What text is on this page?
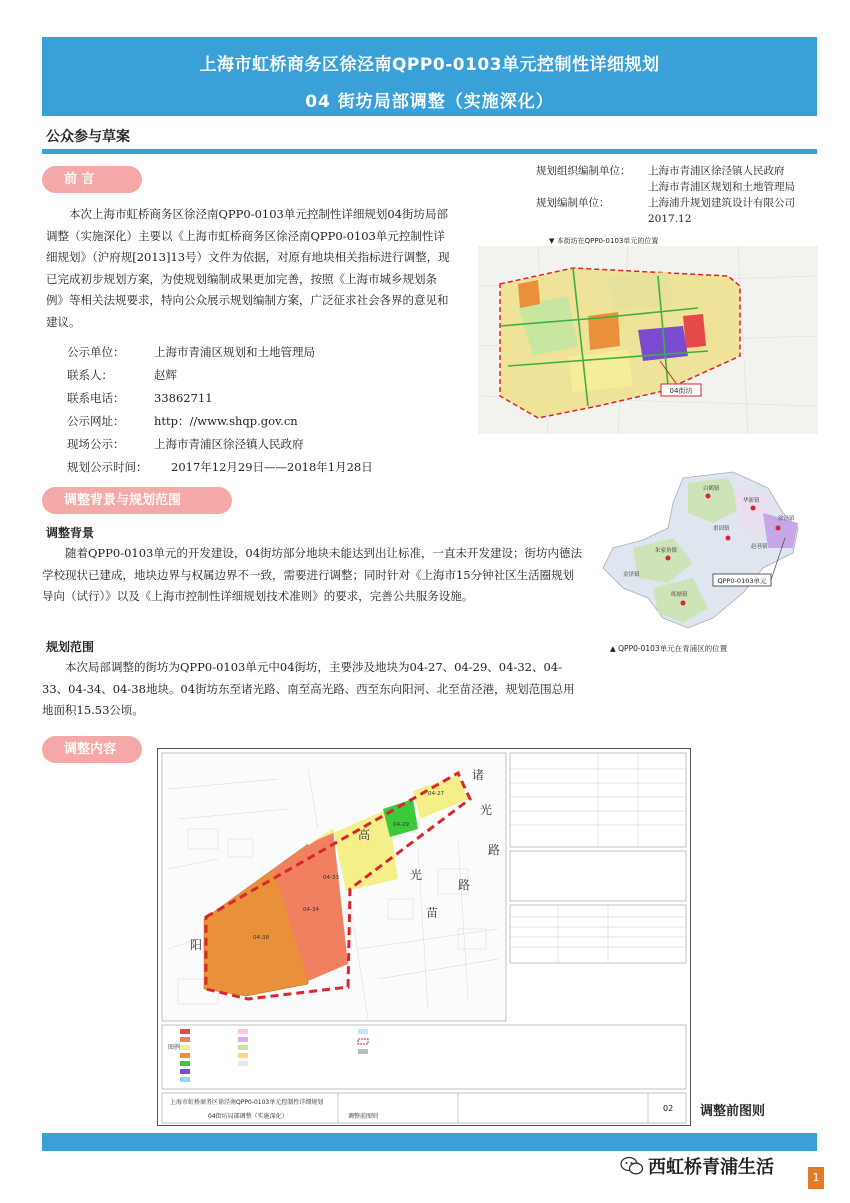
上海市虹桥商务区徐泾南QPP0-0103单元控制性详细规划
04 街坊局部调整（实施深化）
公众参与草案
前 言
规划组织编制单位：	上海市青浦区徐泾镇人民政府
上海市青浦区规划和土地管理局
规划编制单位：	上海浦升规划建筑设计有限公司
2017.12

本次上海市虹桥商务区徐泾南QPP0-0103单元控制性详细规划04街坊局部调整（实施深化）主要以《上海市虹桥商务区徐泾南QPP0-0103单元控制性详细规划》（沪府规[2013]13号）文件为依据，对原有地块相关指标进行调整，现已完成初步规划方案，为使规划编制成果更加完善，按照《上海市城乡规划条例》等相关法规要求，特向公众展示规划编制方案，广泛征求社会各界的意见和建议。

公示单位：	上海市青浦区规划和土地管理局
联系人：	赵辉
联系电话：	33862711
公示网址：	http：//www.shqp.gov.cn
现场公示：	上海市青浦区徐泾镇人民政府
规划公示时间：	2017年12月29日——2018年1月28日
▼ 本街坊在QPP0-0103单元的位置
04街坊
QPP0-0103单元
白鹤镇
华新镇
重固镇
赵巷镇
徐泾镇
朱家角镇
练塘镇
金泽镇
▲ QPP0-0103单元在青浦区的位置
调整背景与规划范围
调整背景

随着QPP0-0103单元的开发建设，04街坊部分地块未能达到出让标准，一直未开发建设；街坊内德法学校现状已建成，地块边界与权属边界不一致，需要进行调整；同时针对《上海市15分钟社区生活圈规划导向（试行）》以及《上海市控制性详细规划技术准则》的要求，完善公共服务设施。

规划范围

本次局部调整的街坊为QPP0-0103单元中04街坊，主要涉及地块为04-27、04-29、04-32、04-33、04-34、04-38地块。04街坊东至诸光路、南至高光路、西至东向阳河、北至苗泾港，规划范围总用地面积15.53公顷。

调整内容
04-38
04-34
04-33
04-29
04-27
诸
光
路
高
光
路
苗
阳
图例
上海市虹桥商务区徐泾南QPP0-0103单元控制性详细规划
04街坊局部调整（实施深化）	调整前图则
02 调整前图则
西虹桥青浦生活	1
